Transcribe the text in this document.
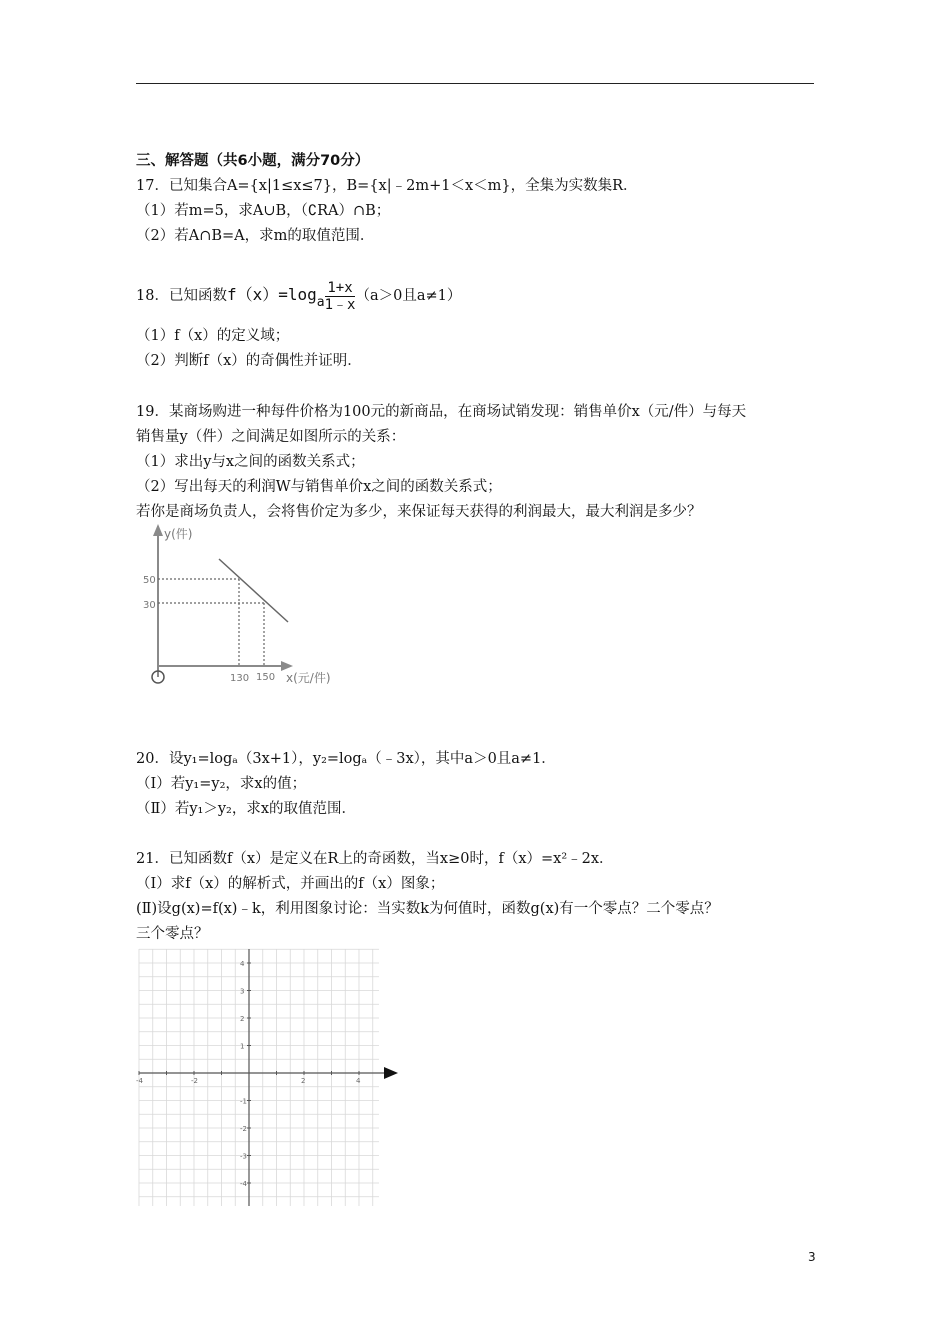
三、解答题（共6小题，满分70分）
17．已知集合A={x|1≤x≤7}，B={x|﹣2m+1＜x＜m}，全集为实数集R．
（1）若m=5，求A∪B，（∁RA）∩B；
（2）若A∩B=A，求m的取值范围．
18．已知函数$f(x)=\log a \frac{1+x}{1﹣x} (a>0$且a≠1）
（1）f（x）的定义域；
（2）判断f（x）的奇偶性并证明．
19．某商场购进一种每件价格为100元的新商品，在商场试销发现：销售单价x（元/件）与每天
销售量y（件）之间满足如图所示的关系：
（1）求出y与x之间的函数关系式；
（2）写出每天的利润W与销售单价x之间的函数关系式；
若你是商场负责人，会将售价定为多少，来保证每天获得的利润最大，最大利润是多少？
y(件)
x(元/件)
50
30
130 150
20．设y₁=logₐ（3x+1），y₂=logₐ（﹣3x），其中a＞0且a≠1．
（Ⅰ）若y₁=y₂，求x的值；
（Ⅱ）若y₁＞y₂，求x的取值范围．
21．已知函数f（x）是定义在R上的奇函数，当x≥0时，f（x）=x²﹣2x．
（Ⅰ）求f（x）的解析式，并画出的f（x）图象；
(Ⅱ)设g(x)=f(x)﹣k，利用图象讨论：当实数k为何值时，函数g(x)有一个零点？二个零点？
三个零点？
-4	-2	2	4
4
3
2
1
-1
-2
-3
-4
3
